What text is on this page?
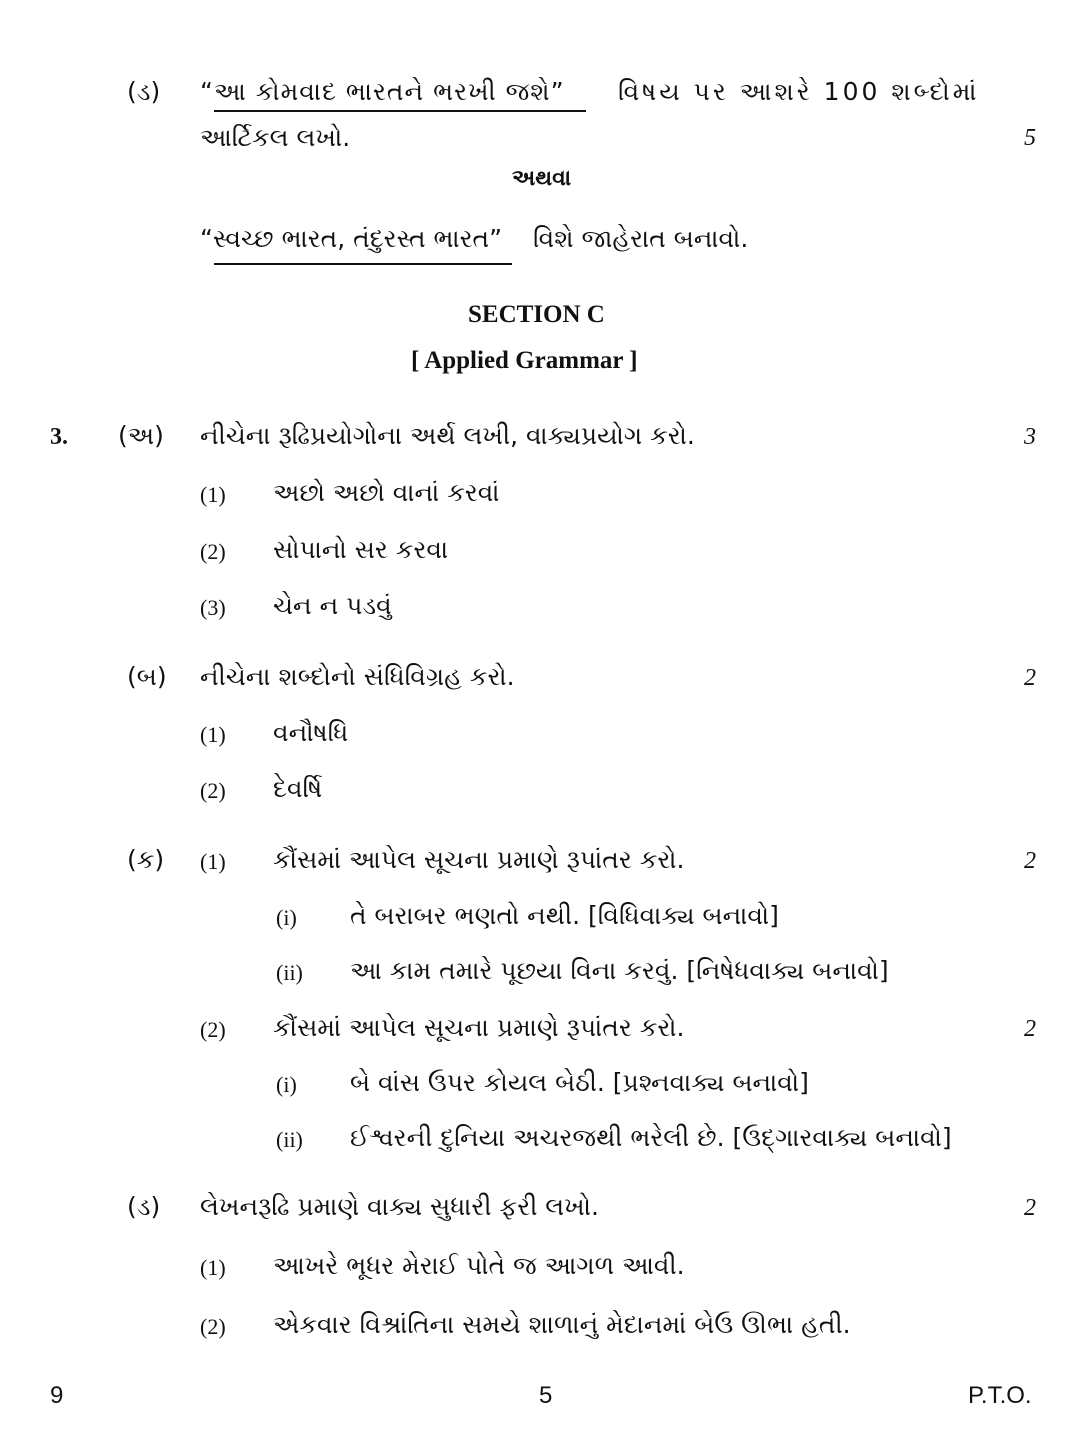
(ડ) “આ કોમવાદ ભારતને ભરખી જશે” વિષય પર આશરે 100 શબ્દોમાં
આર્ટિકલ લખો.	5
અથવા
“સ્વચ્છ ભારત, તંદુરસ્ત ભારત” વિશે જાહેરાત બનાવો.
SECTION C
[ Applied Grammar ]
3. (અ) નીચેના રૂઢિપ્રયોગોના અર્થ લખી, વાક્યપ્રયોગ કરો.	3
(1) અછો અછો વાનાં કરવાં
(2) સોપાનો સર કરવા
(3) ચેન ન પડવું
(બ) નીચેના શબ્દોનો સંધિવિગ્રહ કરો.	2
(1) વનૌષધિ
(2) દેવર્ષિ
(ક) (1) કૌંસમાં આપેલ સૂચના પ્રમાણે રૂપાંતર કરો.	2
(i) તે બરાબર ભણતો નથી. [વિધિવાક્ય બનાવો]
(ii) આ કામ તમારે પૂછયા વિના કરવું. [નિષેધવાક્ય બનાવો]
(2) કૌંસમાં આપેલ સૂચના પ્રમાણે રૂપાંતર કરો.	2
(i) બે વાંસ ઉપર કોયલ બેઠી. [પ્રશ્નવાક્ય બનાવો]
(ii) ઈશ્વરની દુનિયા અચરજથી ભરેલી છે. [ઉદ્‌ગારવાક્ય બનાવો]
(ડ) લેખનરૂઢિ પ્રમાણે વાક્ય સુધારી ફરી લખો.	2
(1) આખરે ભૂધર મેરાઈ પોતે જ આગળ આવી.
(2) એકવાર વિશ્રાંતિના સમયે શાળાનું મેદાનમાં બેઉ ઊભા હતી.
9	5	P.T.O.
